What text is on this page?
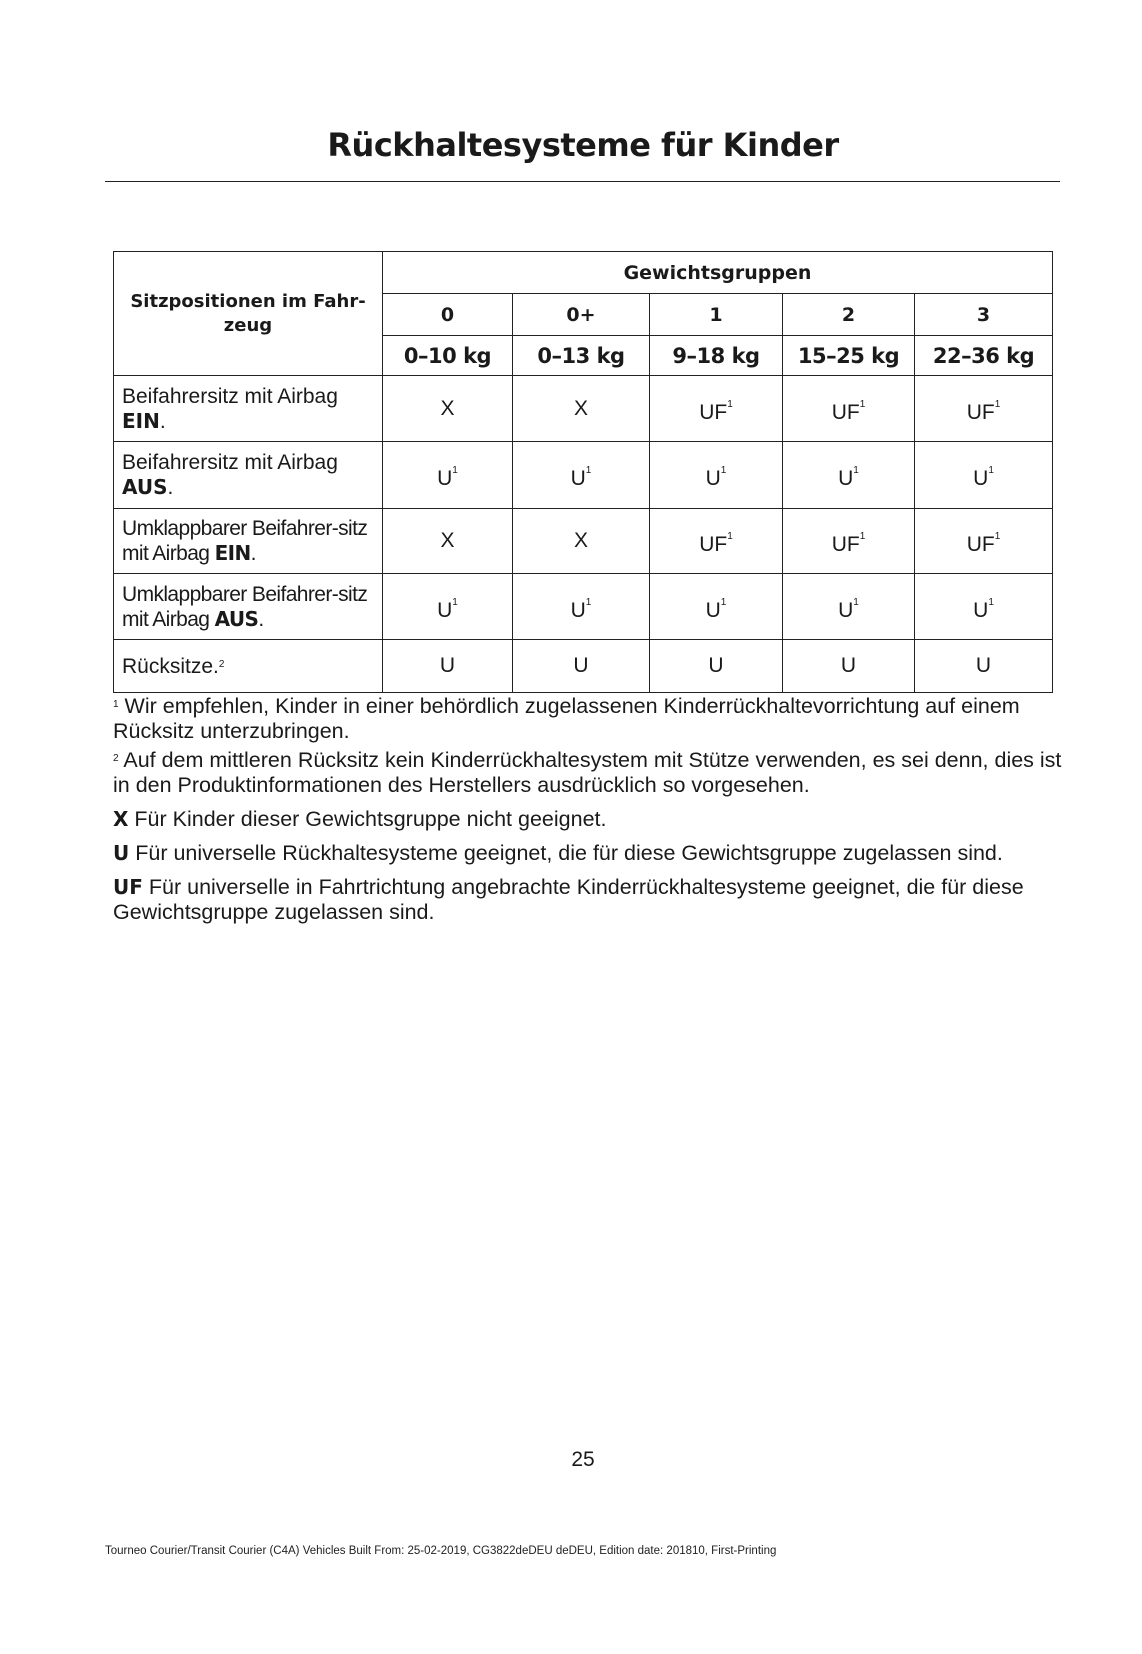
Rückhaltesysteme für Kinder
Sitzpositionen im Fahr-zeug	Gewichtsgruppen				
	0	0+	1	2	3
	0–10 kg	0–13 kg	9–18 kg	15–25 kg	22–36 kg
Beifahrersitz mit Airbag
EIN.	X	X	$UF^1$	$UF^1$	$UF^1$
Beifahrersitz mit Airbag
AUS.	$U^1$	$U^1$	$U^1$	$U^1$	$U^1$
Umklappbarer Beifahrer-sitz mit Airbag EIN.	X	X	$UF^1$	$UF^1$	$UF^1$
Umklappbarer Beifahrer-sitz mit Airbag AUS.	$U^1$	$U^1$	$U^1$	$U^1$	$U^1$
Rücksitze.$^2$	U	U	U	U	U

$^1$ Wir empfehlen, Kinder in einer behördlich zugelassenen Kinderrückhaltevorrichtung auf einem Rücksitz unterzubringen.

$^2$ Auf dem mittleren Rücksitz kein Kinderrückhaltesystem mit Stütze verwenden, es sei denn, dies ist in den Produktinformationen des Herstellers ausdrücklich so vorgesehen.

X Für Kinder dieser Gewichtsgruppe nicht geeignet.

U Für universelle Rückhaltesysteme geeignet, die für diese Gewichtsgruppe zugelassen sind.

UF Für universelle in Fahrtrichtung angebrachte Kinderrückhaltesysteme geeignet, die für diese Gewichtsgruppe zugelassen sind.

25
Tourneo Courier/Transit Courier (C4A) Vehicles Built From: 25-02-2019, CG3822deDEU deDEU, Edition date: 201810, First-Printing
